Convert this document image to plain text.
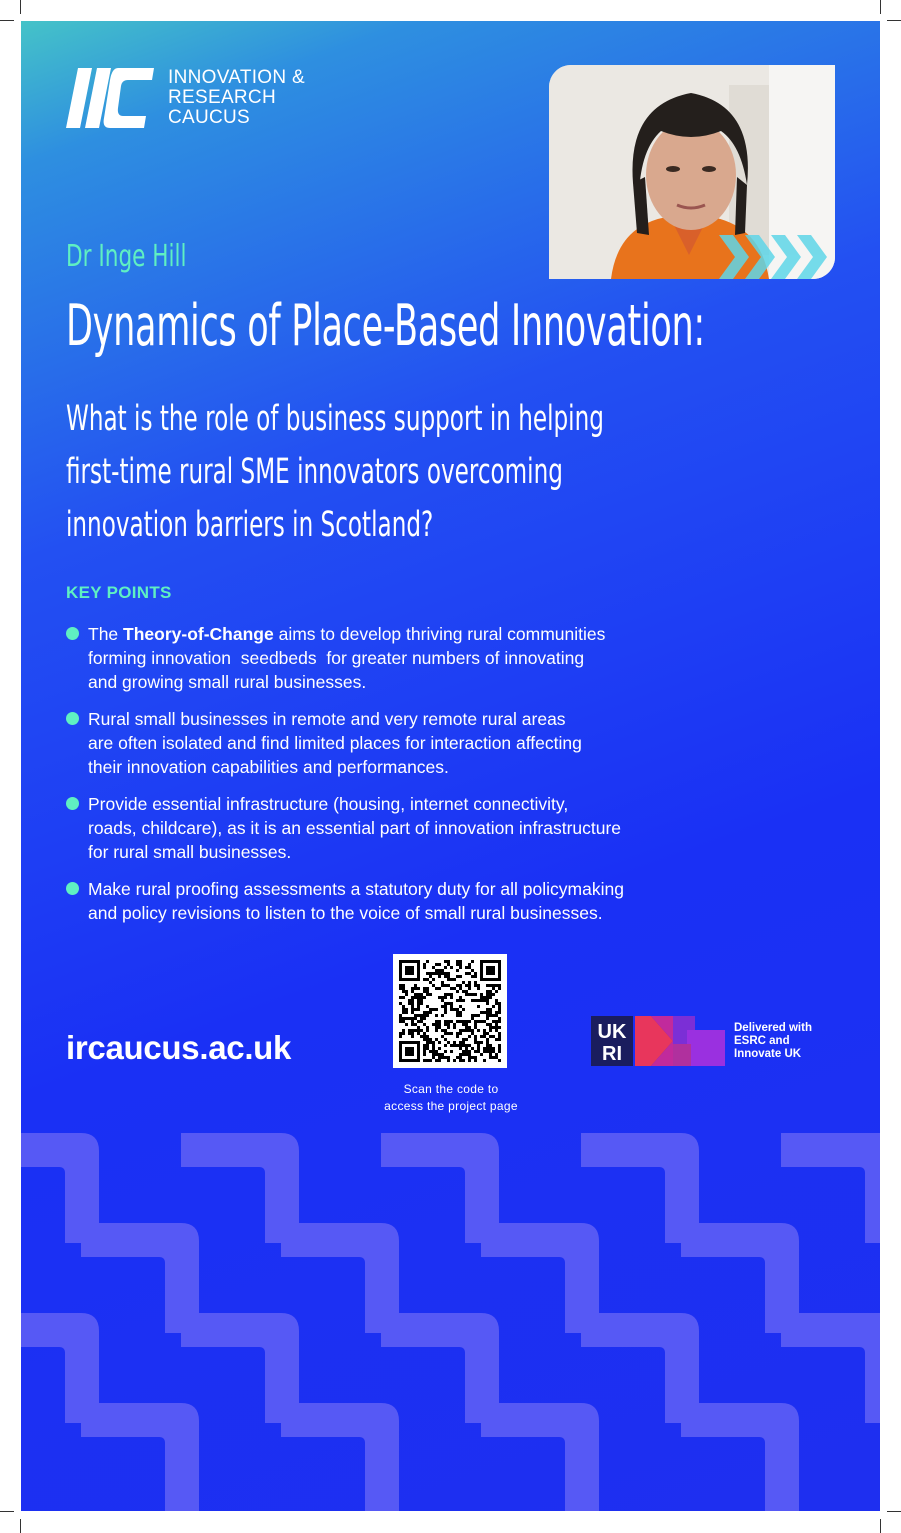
INNOVATION &
RESEARCH
CAUCUS
Dr Inge Hill
Dynamics of Place-Based Innovation:
What is the role of business support in helping
first-time rural SME innovators overcoming
innovation barriers in Scotland?
KEY POINTS
The Theory-of-Change aims to develop thriving rural communities
forming innovation  seedbeds  for greater numbers of innovating
and growing small rural businesses.
Rural small businesses in remote and very remote rural areas
are often isolated and find limited places for interaction affecting
their innovation capabilities and performances.
Provide essential infrastructure (housing, internet connectivity,
roads, childcare), as it is an essential part of innovation infrastructure
for rural small businesses.
Make rural proofing assessments a statutory duty for all policymaking
and policy revisions to listen to the voice of small rural businesses.
ircaucus.ac.uk
Scan the code to
access the project page
UK
RI
Delivered with
ESRC and
Innovate UK
